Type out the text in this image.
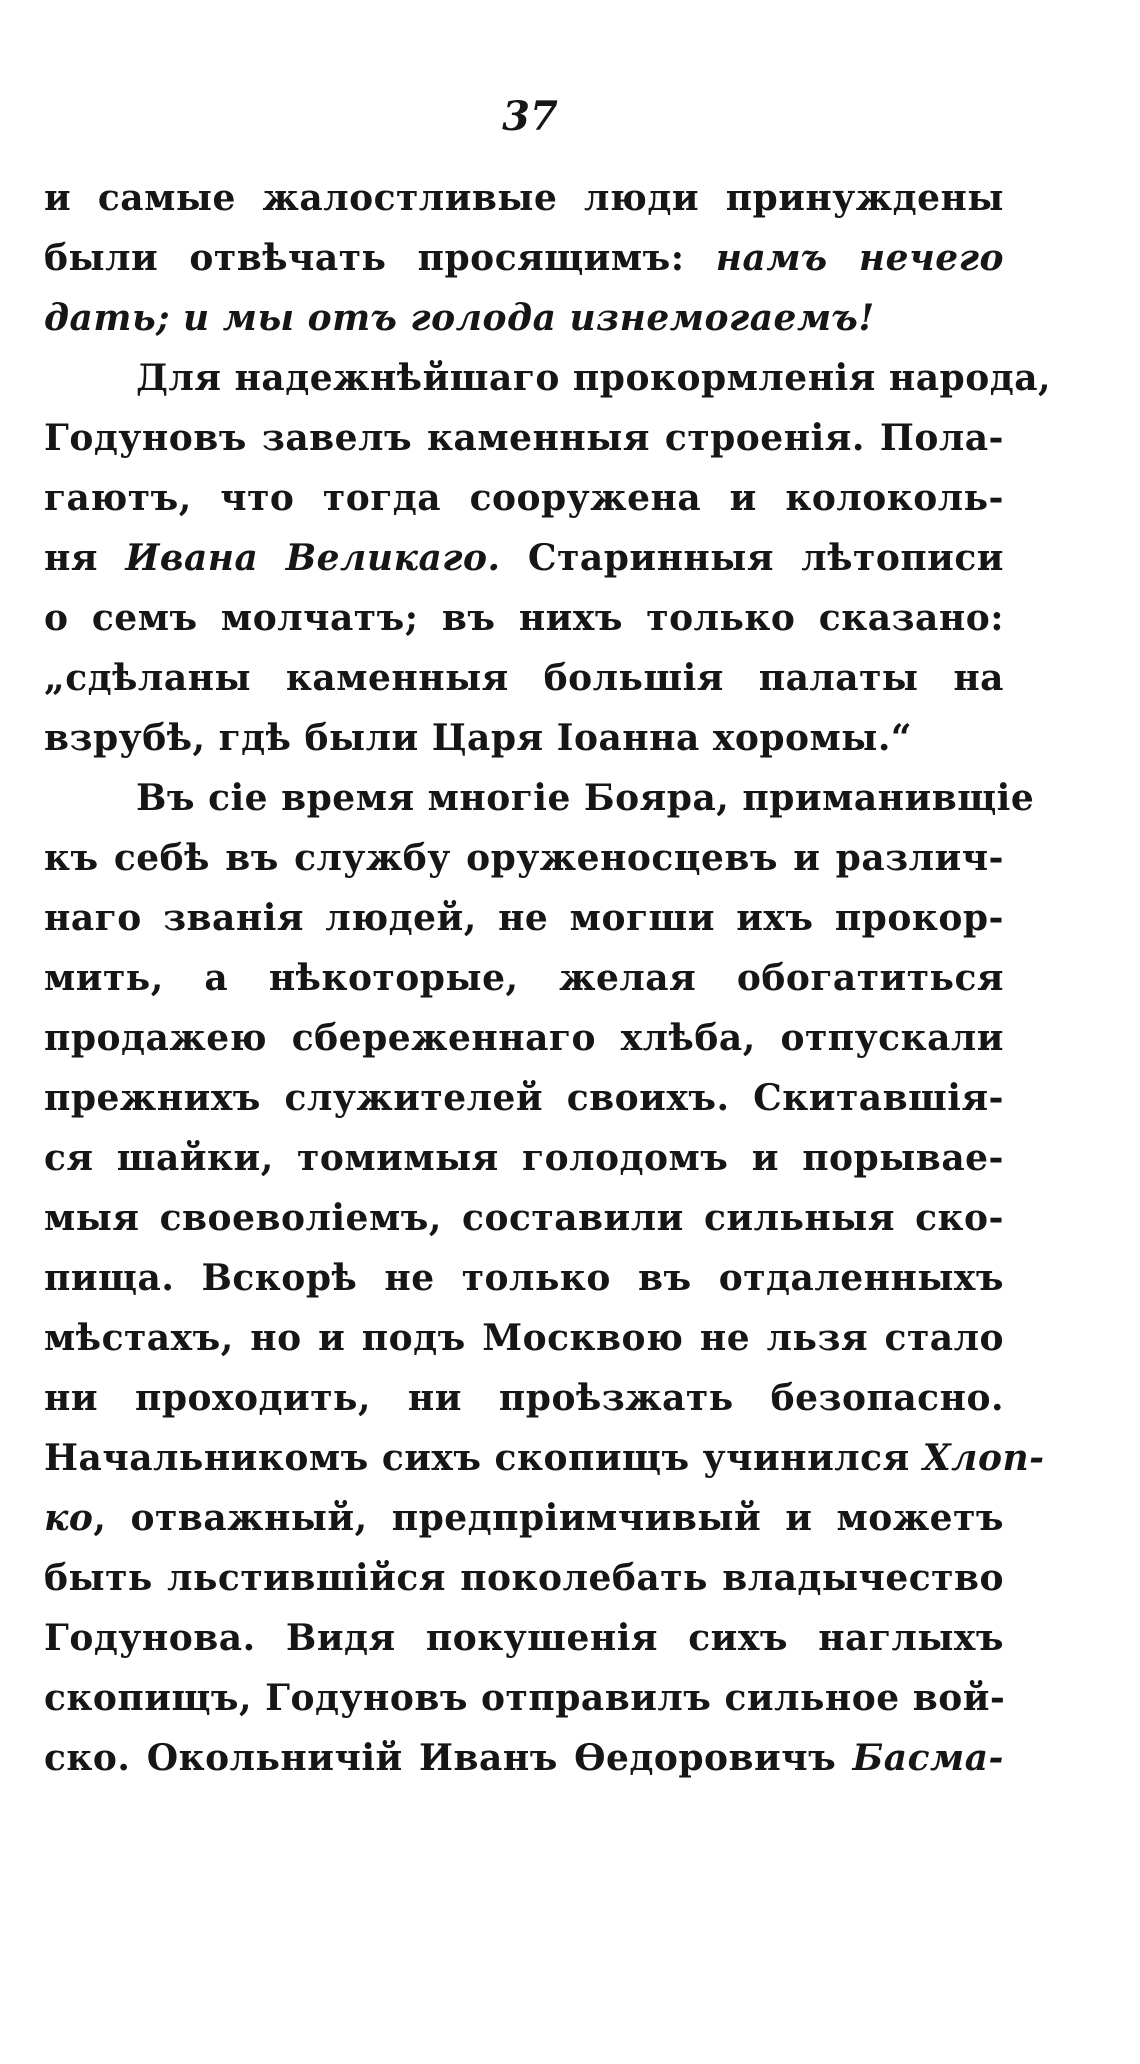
37
и самые жалостливые люди принуждены
были отвѣчать просящимъ: намъ нечего
дать; и мы отъ голода изнемогаемъ!
Для надежнѣйшаго прокормленія народа,
Годуновъ завелъ каменныя строенія. Пола-
гаютъ, что тогда сооружена и колоколь-
ня Ивана Великаго. Старинныя лѣтописи
о семъ молчатъ; въ нихъ только сказано:
„сдѣланы каменныя большія палаты на
взрубѣ, гдѣ были Царя Іоанна хоромы.“
Въ сіе время многіе Бояра, приманивщіе
къ себѣ въ службу оруженосцевъ и различ-
наго званія людей, не могши ихъ прокор-
мить, а нѣкоторые, желая обогатиться
продажею сбереженнаго хлѣба, отпускали
прежнихъ служителей своихъ. Скитавшія-
ся шайки, томимыя голодомъ и порывае-
мыя своеволіемъ, составили сильныя ско-
пища. Вскорѣ не только въ отдаленныхъ
мѣстахъ, но и подъ Москвою не льзя стало
ни проходить, ни проѣзжать безопасно.
Начальникомъ сихъ скопищъ учинился Хлоп-
ко, отважный, предпріимчивый и можетъ
быть льстившійся поколебать владычество
Годунова. Видя покушенія сихъ наглыхъ
скопищъ, Годуновъ отправилъ сильное вой-
ско. Окольничій Иванъ Ѳедоровичъ Басма-
